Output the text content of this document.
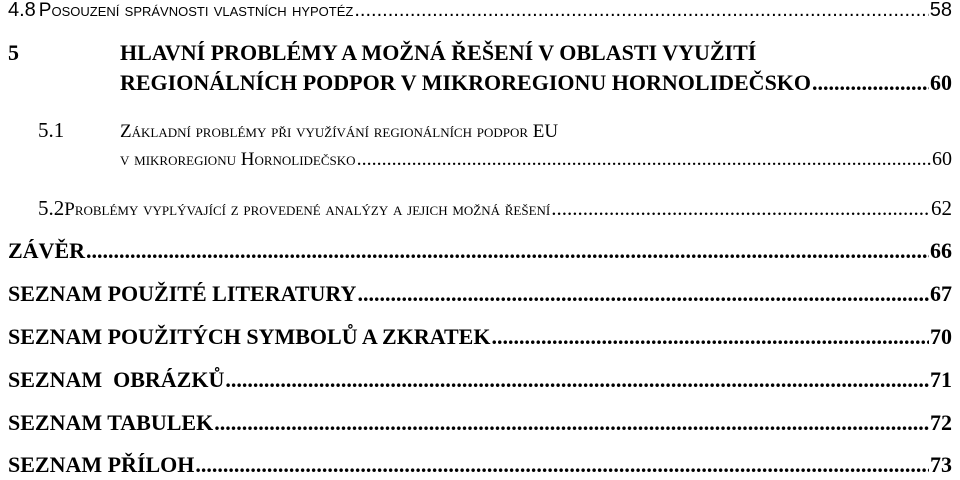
4.8 Posouzení správnosti vlastních hypotéz .....	58
5	HLAVNÍ PROBLÉMY A MOŽNÁ ŘEŠENÍ V OBLASTI VYUŽITÍ
REGIONÁLNÍCH PODPOR V MIKROREGIONU HORNOLIDEČSKO .....	60
5.1	Základní problémy při využívání regionálních podpor EU
v mikroregionu Hornolidečsko .....	60
5.2 Problémy vyplývající z provedené analýzy a jejich možná řešení .....	62
ZÁVĚR .....	66
SEZNAM POUŽITÉ LITERATURY .....	67
SEZNAM POUŽITÝCH SYMBOLŮ A ZKRATEK .....	70
SEZNAM  OBRÁZKŮ .....	71
SEZNAM TABULEK .....	72
SEZNAM PŘÍLOH .....	73
